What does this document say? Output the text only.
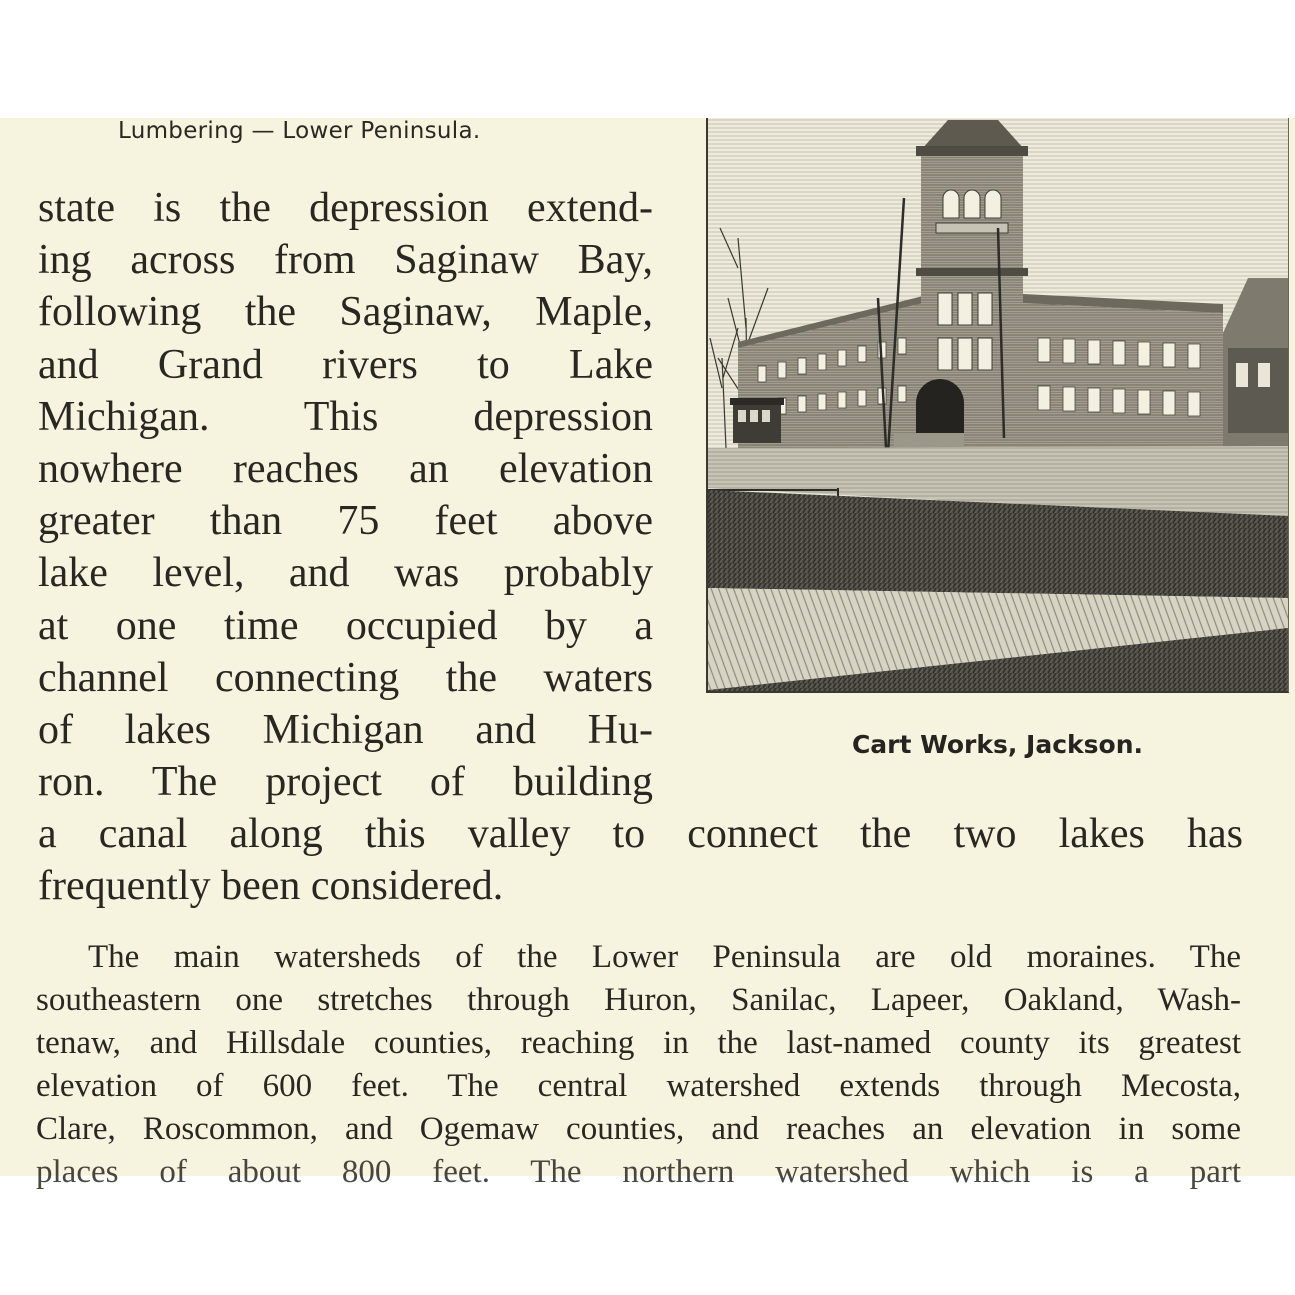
Lumbering — Lower Peninsula.
state is the depression extend-
ing across from Saginaw Bay,
following the Saginaw, Maple,
and Grand rivers to Lake
Michigan. This depression
nowhere reaches an elevation
greater than 75 feet above
lake level, and was probably
at one time occupied by a
channel connecting the waters
of lakes Michigan and Hu-
ron. The project of building
a canal along this valley to connect the two lakes has
frequently been considered.
Cart Works, Jackson.
The main watersheds of the Lower Peninsula are old moraines. The
southeastern one stretches through Huron, Sanilac, Lapeer, Oakland, Wash-
tenaw, and Hillsdale counties, reaching in the last-named county its greatest
elevation of 600 feet. The central watershed extends through Mecosta,
Clare, Roscommon, and Ogemaw counties, and reaches an elevation in some
places of about 800 feet. The northern watershed which is a part
